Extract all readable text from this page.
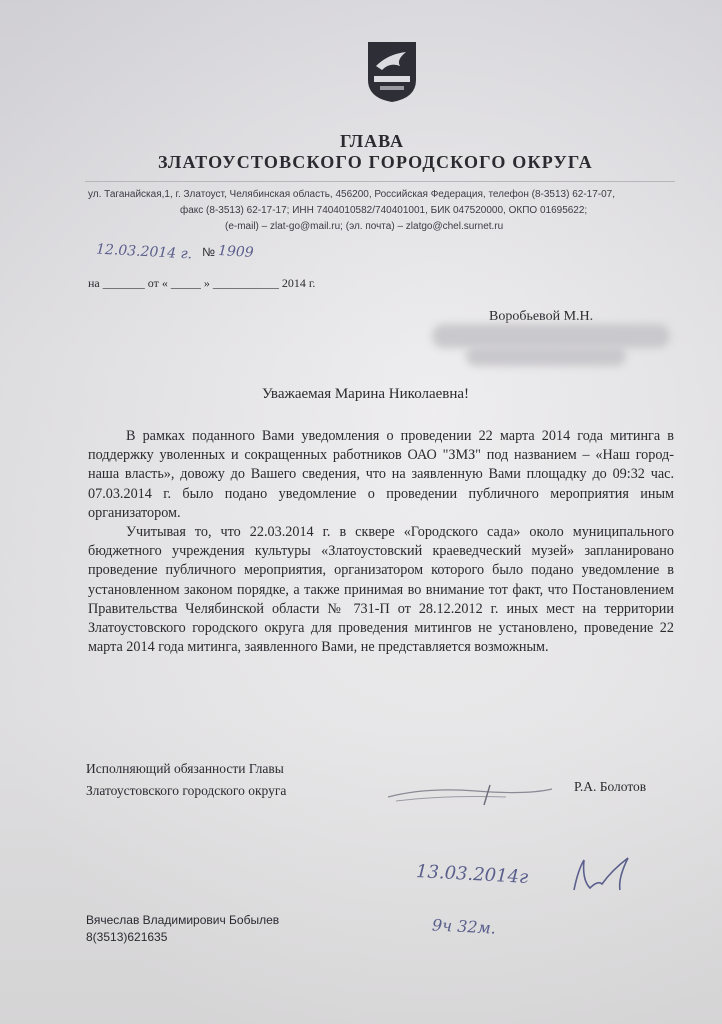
ГЛАВА
ЗЛАТОУСТОВСКОГО ГОРОДСКОГО ОКРУГА
ул. Таганайская,1, г. Златоуст, Челябинская область, 456200, Российская Федерация, телефон (8-3513) 62-17-07,
факс (8-3513) 62-17-17; ИНН 7404010582/740401001, БИК 047520000, ОКПО 01695622;
(e-mail) – zlat-go@mail.ru; (эл. почта) – zlatgo@chel.surnet.ru
12.03.2014 г. № 1909
на _______ от « _____ » ___________ 2014 г.
Воробьевой М.Н.
Уважаемая Марина Николаевна!

В рамках поданного Вами уведомления о проведении 22 марта 2014 года митинга в поддержку уволенных и сокращенных работников ОАО "ЗМЗ" под названием – «Наш город-наша власть», довожу до Вашего сведения, что на заявленную Вами площадку до 09:32 час. 07.03.2014 г. было подано уведомление о проведении публичного мероприятия иным организатором.

Учитывая то, что 22.03.2014 г. в сквере «Городского сада» около муниципального бюджетного учреждения культуры «Златоустовский краеведческий музей» запланировано проведение публичного мероприятия, организатором которого было подано уведомление в установленном законом порядке, а также принимая во внимание тот факт, что Постановлением Правительства Челябинской области № 731-П от 28.12.2012 г. иных мест на территории Златоустовского городского округа для проведения митингов не установлено, проведение 22 марта 2014 года митинга, заявленного Вами, не представляется возможным.

Исполняющий обязанности Главы
Златоустовского городского округа	Р.А. Болотов
13.03.2014г
9ч 32м.
Вячеслав Владимирович Бобылев
8(3513)621635
